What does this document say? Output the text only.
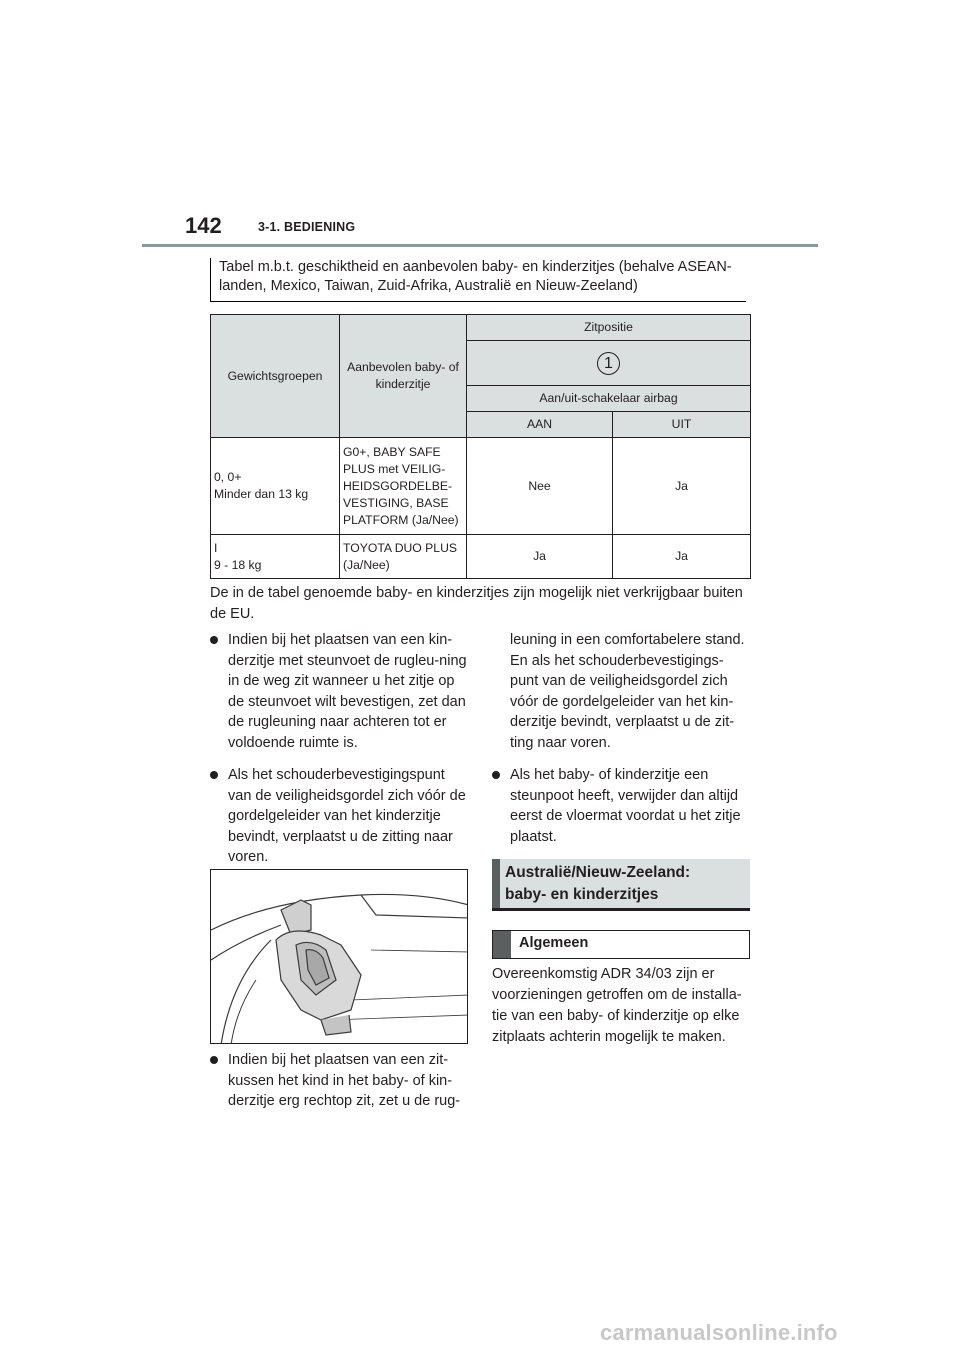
142	3-1. BEDIENING
Tabel m.b.t. geschiktheid en aanbevolen baby- en kinderzitjes (behalve ASEAN-landen, Mexico, Taiwan, Zuid-Afrika, Australië en Nieuw-Zeeland)
Gewichtsgroepen	Aanbevolen baby- of kinderzitje	Zitpositie	
		1	
		Aan/uit-schakelaar airbag	
		AAN	UIT
0, 0+
Minder dan 13 kg	G0+, BABY SAFE PLUS met VEILIG-HEIDSGORDELBE-VESTIGING, BASE PLATFORM (Ja/Nee)	Nee	Ja
I
9 - 18 kg	TOYOTA DUO PLUS (Ja/Nee)	Ja	Ja
De in de tabel genoemde baby- en kinderzitjes zijn mogelijk niet verkrijgbaar buiten de EU.
Indien bij het plaatsen van een kin-derzitje met steunvoet de rugleu-ning in de weg zit wanneer u het zitje op de steunvoet wilt bevestigen, zet dan de rugleuning naar achteren tot er voldoende ruimte is.
Als het schouderbevestigingspunt van de veiligheidsgordel zich vóór de gordelgeleider van het kinderzitje bevindt, verplaatst u de zitting naar voren.
Indien bij het plaatsen van een zit-kussen het kind in het baby- of kin-derzitje erg rechtop zit, zet u de rug-
leuning in een comfortabelere stand. En als het schouderbevestigings-punt van de veiligheidsgordel zich vóór de gordelgeleider van het kin-derzitje bevindt, verplaatst u de zit-ting naar voren.
Als het baby- of kinderzitje een steunpoot heeft, verwijder dan altijd eerst de vloermat voordat u het zitje plaatst.
Australië/Nieuw-Zeeland:
baby- en kinderzitjes
Algemeen
Overeenkomstig ADR 34/03 zijn er voorzieningen getroffen om de installa-tie van een baby- of kinderzitje op elke zitplaats achterin mogelijk te maken.
carmanualsonline.info
